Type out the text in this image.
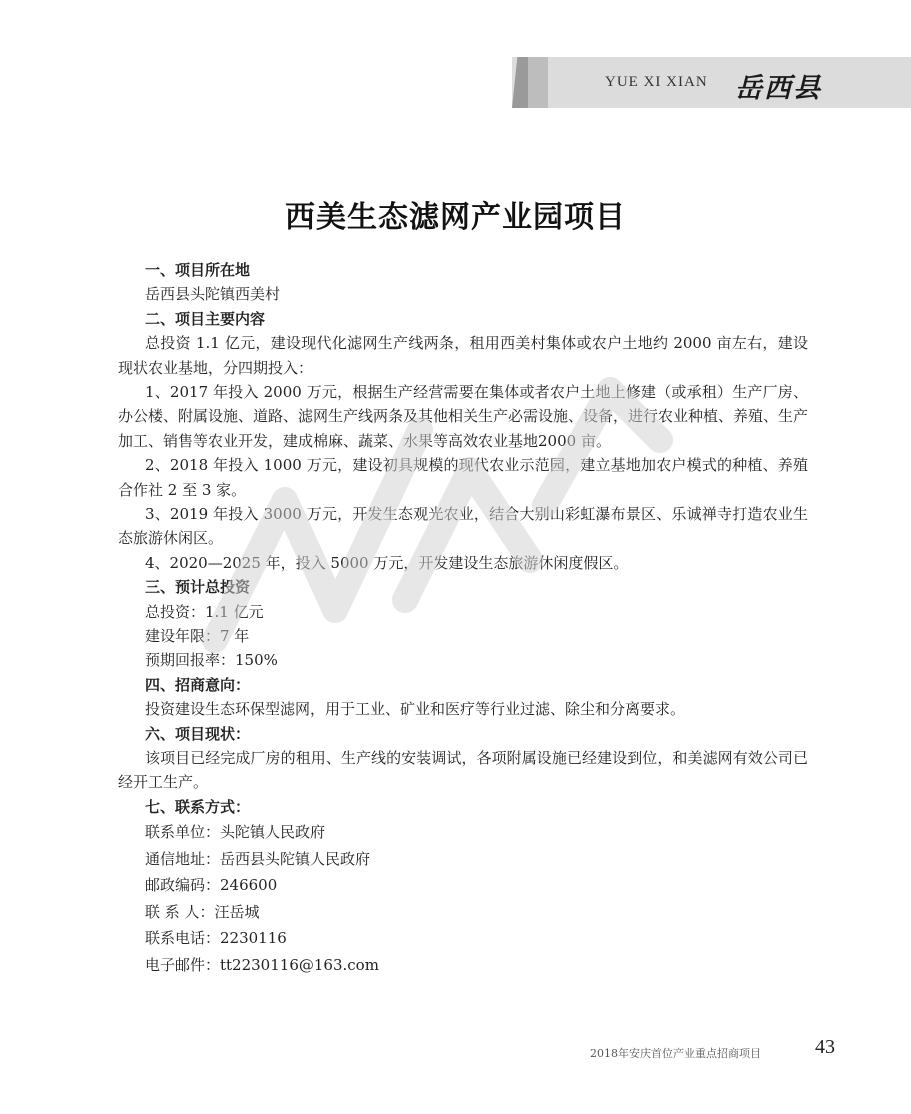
YUE XI XIAN 岳西县
西美生态滤网产业园项目
一、项目所在地
岳西县头陀镇西美村
二、项目主要内容
总投资 1.1 亿元，建设现代化滤网生产线两条，租用西美村集体或农户土地约 2000 亩左右，建设现状农业基地，分四期投入：
1、2017 年投入 2000 万元，根据生产经营需要在集体或者农户土地上修建（或承租）生产厂房、办公楼、附属设施、道路、滤网生产线两条及其他相关生产必需设施、设备，进行农业种植、养殖、生产加工、销售等农业开发，建成棉麻、蔬菜、水果等高效农业基地2000 亩。
2、2018 年投入 1000 万元，建设初具规模的现代农业示范园，建立基地加农户模式的种植、养殖合作社 2 至 3 家。
3、2019 年投入 3000 万元，开发生态观光农业，结合大别山彩虹瀑布景区、乐诚禅寺打造农业生态旅游休闲区。
4、2020—2025 年，投入 5000 万元，开发建设生态旅游休闲度假区。
三、预计总投资
总投资：1.1 亿元
建设年限：7 年
预期回报率：150%
四、招商意向：
投资建设生态环保型滤网，用于工业、矿业和医疗等行业过滤、除尘和分离要求。
六、项目现状：
该项目已经完成厂房的租用、生产线的安装调试，各项附属设施已经建设到位，和美滤网有效公司已经开工生产。
七、联系方式：
联系单位：头陀镇人民政府
通信地址：岳西县头陀镇人民政府
邮政编码：246600
联 系 人：汪岳城
联系电话：2230116
电子邮件：tt2230116@163.com
2018年安庆首位产业重点招商项目	43
